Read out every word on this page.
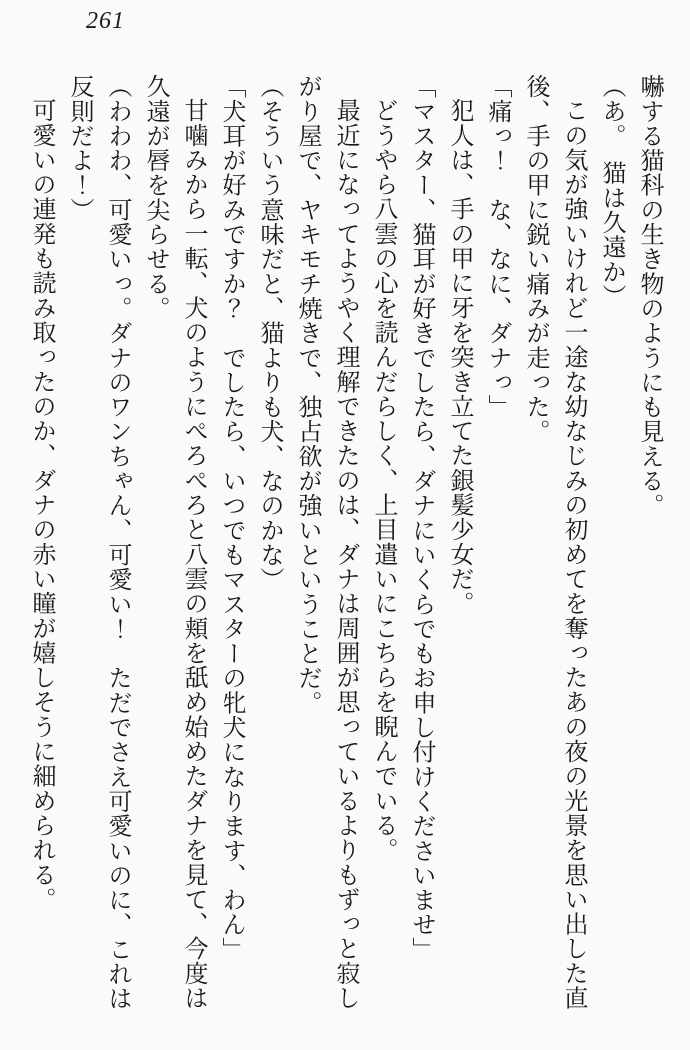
261

嚇する猫科の生き物のようにも見える。

（あ。　猫は久遠か）

この気が強いけれど一途な幼なじみの初めてを奪ったあの夜の光景を思い出した直後、手の甲に鋭い痛みが走った。

「痛っ！　な、なに、ダナっ」

犯人は、手の甲に牙を突き立てた銀髪少女だ。

「マスター、猫耳が好きでしたら、ダナにいくらでもお申し付けくださいませ」

どうやら八雲の心を読んだらしく、上目遣いにこちらを睨んでいる。

最近になってようやく理解できたのは、ダナは周囲が思っているよりもずっと寂しがり屋で、ヤキモチ焼きで、独占欲が強いということだ。

（そういう意味だと、猫よりも犬、なのかな）

「犬耳が好みですか？　でしたら、いつでもマスターの牝犬になります、わん」

甘噛みから一転、犬のようにぺろぺろと八雲の頬を舐め始めたダナを見て、今度は久遠が唇を尖らせる。

（わわわ、可愛いっ。ダナのワンちゃん、可愛い！　ただでさえ可愛いのに、これは反則だよ！）

可愛いの連発も読み取ったのか、ダナの赤い瞳が嬉しそうに細められる。
